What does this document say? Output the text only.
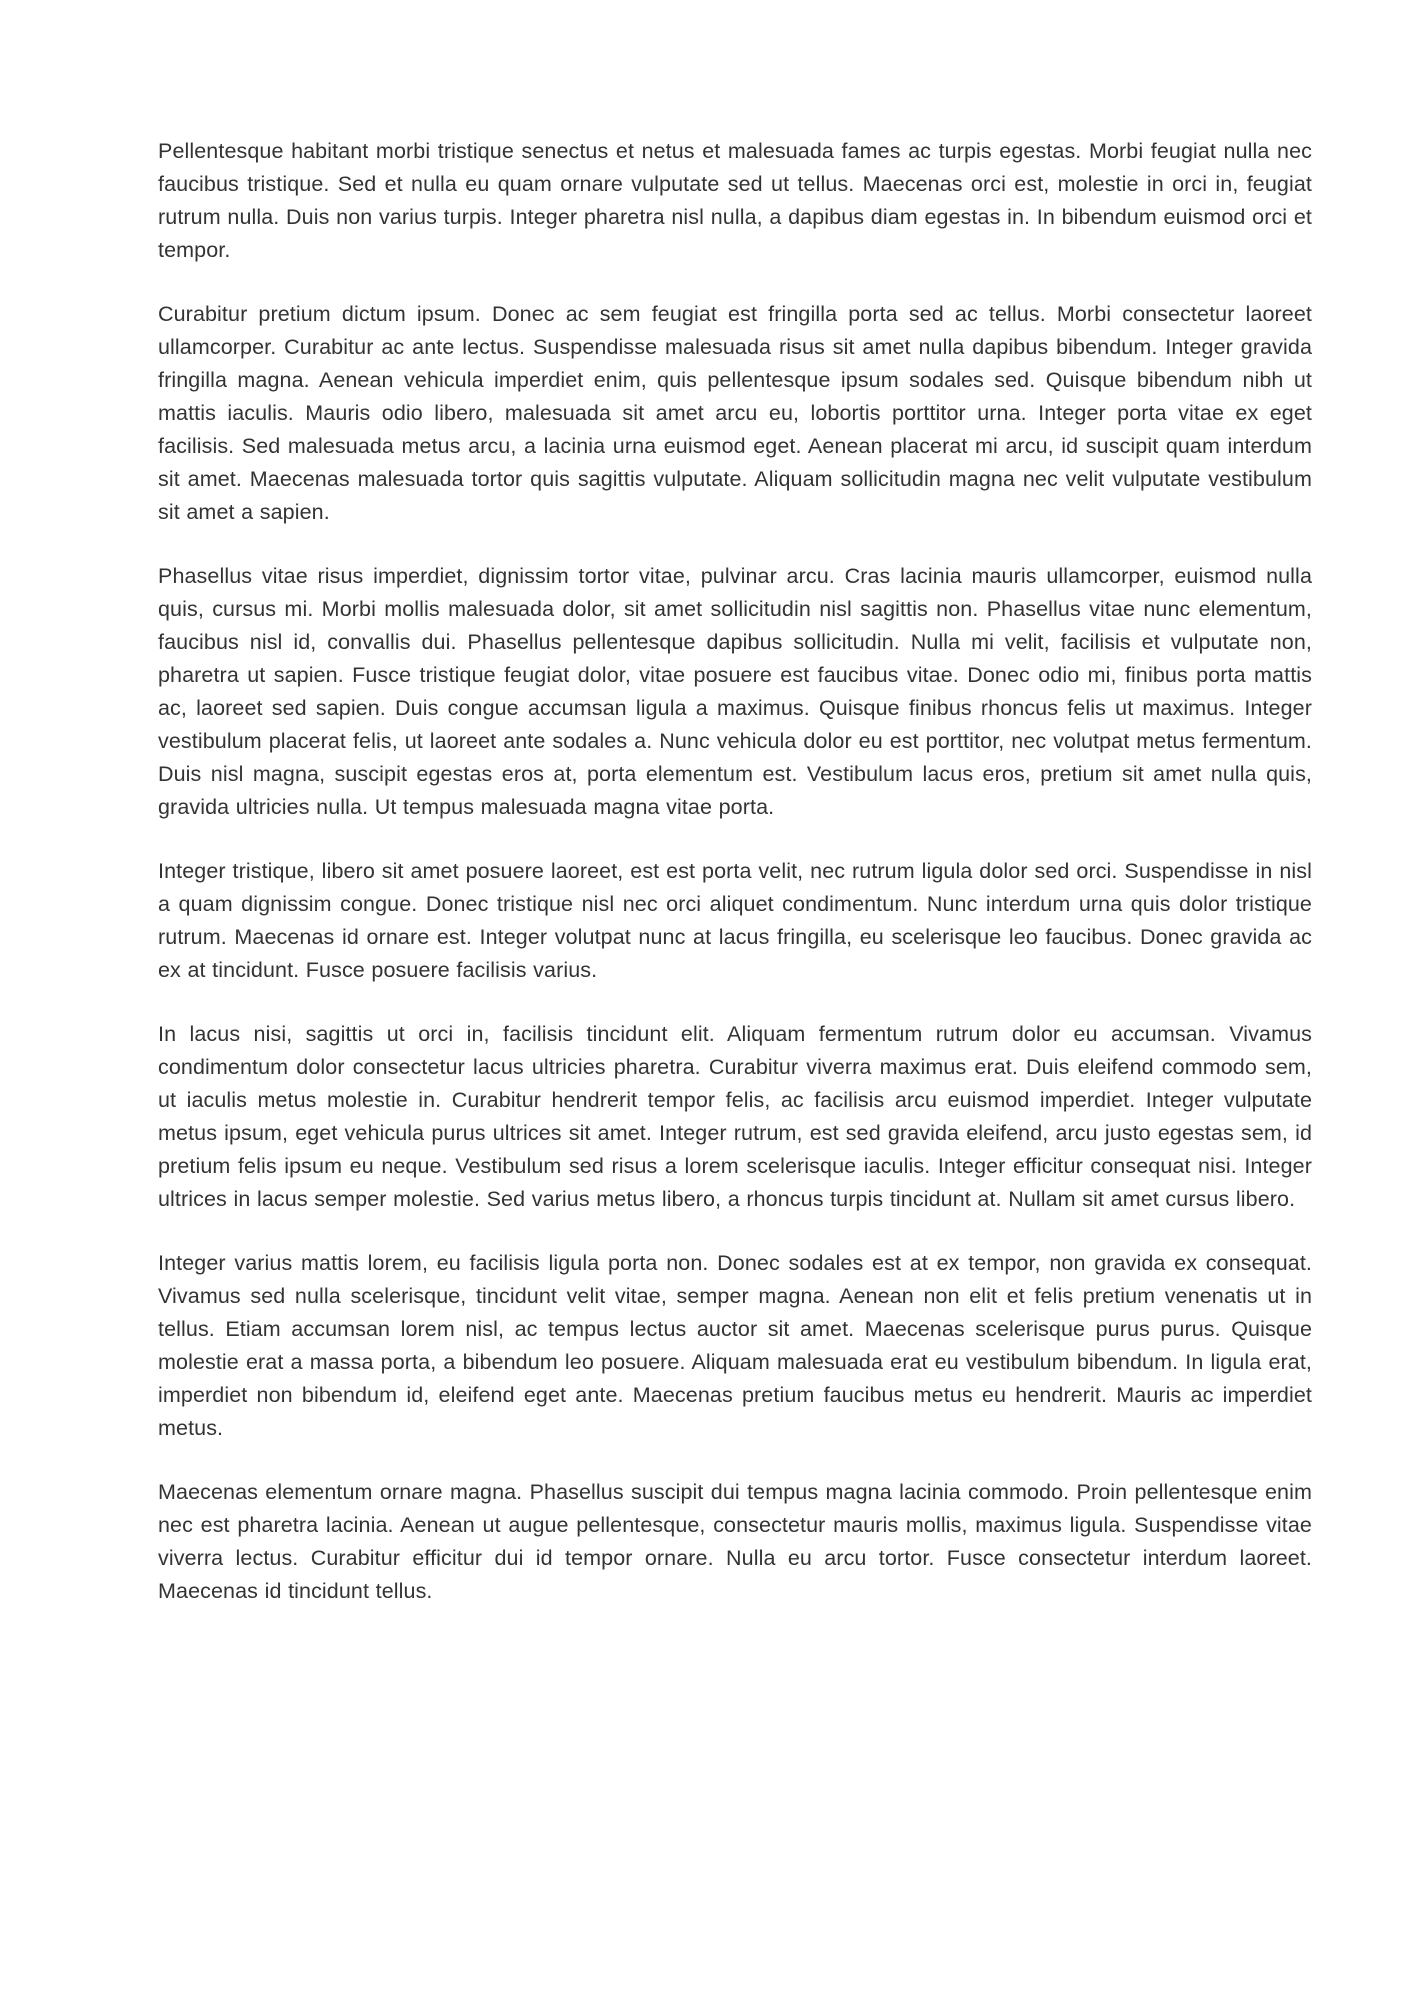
Pellentesque habitant morbi tristique senectus et netus et malesuada fames ac turpis egestas. Morbi feugiat nulla nec faucibus tristique. Sed et nulla eu quam ornare vulputate sed ut tellus. Maecenas orci est, molestie in orci in, feugiat rutrum nulla. Duis non varius turpis. Integer pharetra nisl nulla, a dapibus diam egestas in. In bibendum euismod orci et tempor.

Curabitur pretium dictum ipsum. Donec ac sem feugiat est fringilla porta sed ac tellus. Morbi consectetur laoreet ullamcorper. Curabitur ac ante lectus. Suspendisse malesuada risus sit amet nulla dapibus bibendum. Integer gravida fringilla magna. Aenean vehicula imperdiet enim, quis pellentesque ipsum sodales sed. Quisque bibendum nibh ut mattis iaculis. Mauris odio libero, malesuada sit amet arcu eu, lobortis porttitor urna. Integer porta vitae ex eget facilisis. Sed malesuada metus arcu, a lacinia urna euismod eget. Aenean placerat mi arcu, id suscipit quam interdum sit amet. Maecenas malesuada tortor quis sagittis vulputate. Aliquam sollicitudin magna nec velit vulputate vestibulum sit amet a sapien.

Phasellus vitae risus imperdiet, dignissim tortor vitae, pulvinar arcu. Cras lacinia mauris ullamcorper, euismod nulla quis, cursus mi. Morbi mollis malesuada dolor, sit amet sollicitudin nisl sagittis non. Phasellus vitae nunc elementum, faucibus nisl id, convallis dui. Phasellus pellentesque dapibus sollicitudin. Nulla mi velit, facilisis et vulputate non, pharetra ut sapien. Fusce tristique feugiat dolor, vitae posuere est faucibus vitae. Donec odio mi, finibus porta mattis ac, laoreet sed sapien. Duis congue accumsan ligula a maximus. Quisque finibus rhoncus felis ut maximus. Integer vestibulum placerat felis, ut laoreet ante sodales a. Nunc vehicula dolor eu est porttitor, nec volutpat metus fermentum. Duis nisl magna, suscipit egestas eros at, porta elementum est. Vestibulum lacus eros, pretium sit amet nulla quis, gravida ultricies nulla. Ut tempus malesuada magna vitae porta.

Integer tristique, libero sit amet posuere laoreet, est est porta velit, nec rutrum ligula dolor sed orci. Suspendisse in nisl a quam dignissim congue. Donec tristique nisl nec orci aliquet condimentum. Nunc interdum urna quis dolor tristique rutrum. Maecenas id ornare est. Integer volutpat nunc at lacus fringilla, eu scelerisque leo faucibus. Donec gravida ac ex at tincidunt. Fusce posuere facilisis varius.

In lacus nisi, sagittis ut orci in, facilisis tincidunt elit. Aliquam fermentum rutrum dolor eu accumsan. Vivamus condimentum dolor consectetur lacus ultricies pharetra. Curabitur viverra maximus erat. Duis eleifend commodo sem, ut iaculis metus molestie in. Curabitur hendrerit tempor felis, ac facilisis arcu euismod imperdiet. Integer vulputate metus ipsum, eget vehicula purus ultrices sit amet. Integer rutrum, est sed gravida eleifend, arcu justo egestas sem, id pretium felis ipsum eu neque. Vestibulum sed risus a lorem scelerisque iaculis. Integer efficitur consequat nisi. Integer ultrices in lacus semper molestie. Sed varius metus libero, a rhoncus turpis tincidunt at. Nullam sit amet cursus libero.

Integer varius mattis lorem, eu facilisis ligula porta non. Donec sodales est at ex tempor, non gravida ex consequat. Vivamus sed nulla scelerisque, tincidunt velit vitae, semper magna. Aenean non elit et felis pretium venenatis ut in tellus. Etiam accumsan lorem nisl, ac tempus lectus auctor sit amet. Maecenas scelerisque purus purus. Quisque molestie erat a massa porta, a bibendum leo posuere. Aliquam malesuada erat eu vestibulum bibendum. In ligula erat, imperdiet non bibendum id, eleifend eget ante. Maecenas pretium faucibus metus eu hendrerit. Mauris ac imperdiet metus.

Maecenas elementum ornare magna. Phasellus suscipit dui tempus magna lacinia commodo. Proin pellentesque enim nec est pharetra lacinia. Aenean ut augue pellentesque, consectetur mauris mollis, maximus ligula. Suspendisse vitae viverra lectus. Curabitur efficitur dui id tempor ornare. Nulla eu arcu tortor. Fusce consectetur interdum laoreet. Maecenas id tincidunt tellus.
